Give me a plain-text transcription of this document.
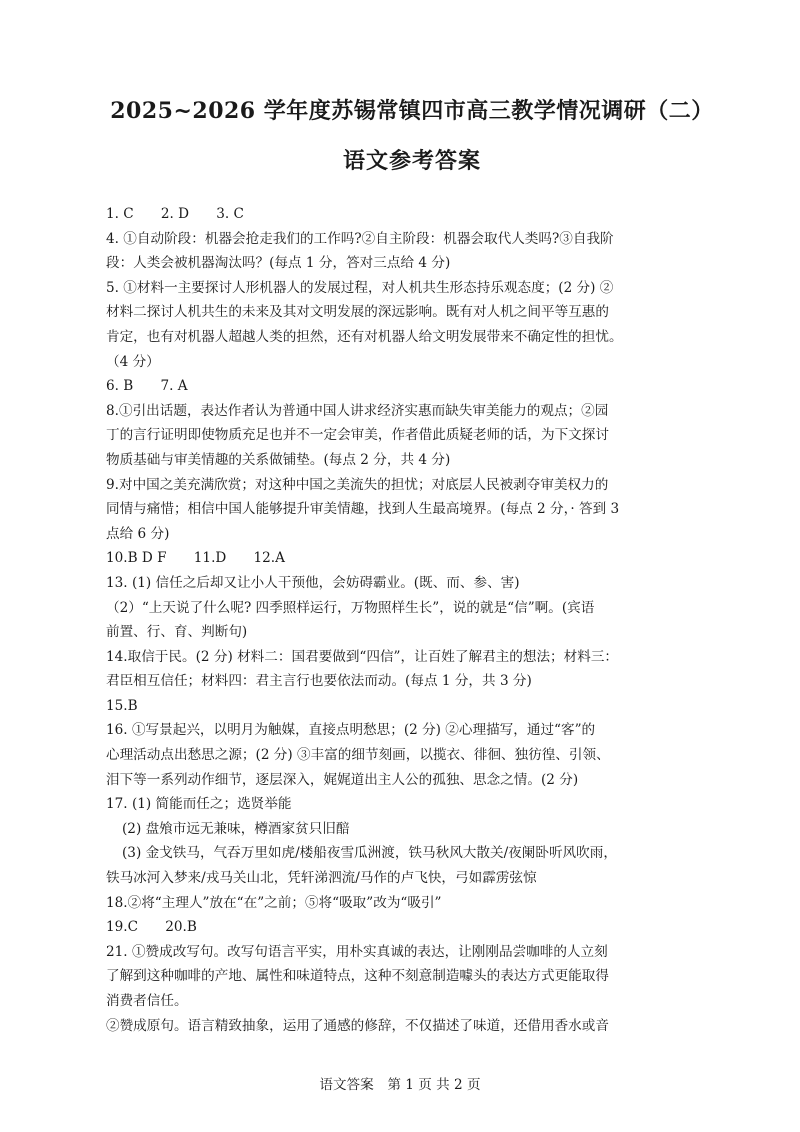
2025~2026 学年度苏锡常镇四市高三教学情况调研（二）
语文参考答案
1. C　　2. D　　3. C
4. ①自动阶段：机器会抢走我们的工作吗?②自主阶段：机器会取代人类吗?③自我阶
段：人类会被机器淘汰吗？(每点 1 分，答对三点给 4 分)
5. ①材料一主要探讨人形机器人的发展过程，对人机共生形态持乐观态度；(2 分) ②
材料二探讨人机共生的未来及其对文明发展的深远影响。既有对人机之间平等互惠的
肯定，也有对机器人超越人类的担然，还有对机器人给文明发展带来不确定性的担忧。
（4 分）
6. B　　7. A
8.①引出话题，表达作者认为普通中国人讲求经济实惠而缺失审美能力的观点；②园
丁的言行证明即使物质充足也并不一定会审美，作者借此质疑老师的话，为下文探讨
物质基础与审美情趣的关系做铺垫。(每点 2 分，共 4 分)
9.对中国之美充满欣赏；对这种中国之美流失的担忧；对底层人民被剥夺审美权力的
同情与痛惜；相信中国人能够提升审美情趣，找到人生最高境界。(每点 2 分，· 答到 3
点给 6 分)
10.B D F　　11.D　　12.A
13. (1) 信任之后却又让小人干预他，会妨碍霸业。(既、而、参、害)
（2）“上天说了什么呢? 四季照样运行，万物照样生长”，说的就是“信”啊。(宾语
前置、行、育、判断句)
14.取信于民。(2 分) 材料二：国君要做到“四信”，让百姓了解君主的想法；材料三：
君臣相互信任；材料四：君主言行也要依法而动。(每点 1 分，共 3 分)
15.B
16. ①写景起兴，以明月为触媒，直接点明愁思；(2 分) ②心理描写，通过“客”的
心理活动点出愁思之源；(2 分) ③丰富的细节刻画，以揽衣、徘徊、独彷徨、引领、
泪下等一系列动作细节，逐层深入，娓娓道出主人公的孤独、思念之情。(2 分)
17. (1) 简能而任之；选贤举能
(2) 盘飧市远无兼味，樽酒家贫只旧醅
(3) 金戈铁马，气吞万里如虎/楼船夜雪瓜洲渡，铁马秋风大散关/夜阑卧听风吹雨，
铁马冰河入梦来/戎马关山北，凭轩涕泗流/马作的卢飞快，弓如霹雳弦惊
18.②将“主理人”放在“在”之前；⑤将“吸取”改为“吸引”
19.C　　20.B
21. ①赞成改写句。改写句语言平实，用朴实真诚的表达，让刚刚品尝咖啡的人立刻
了解到这种咖啡的产地、属性和味道特点，这种不刻意制造噱头的表达方式更能取得
消费者信任。
②赞成原句。语言精致抽象，运用了通感的修辞，不仅描述了味道，还借用香水或音
语文答案　第 1 页 共 2 页
